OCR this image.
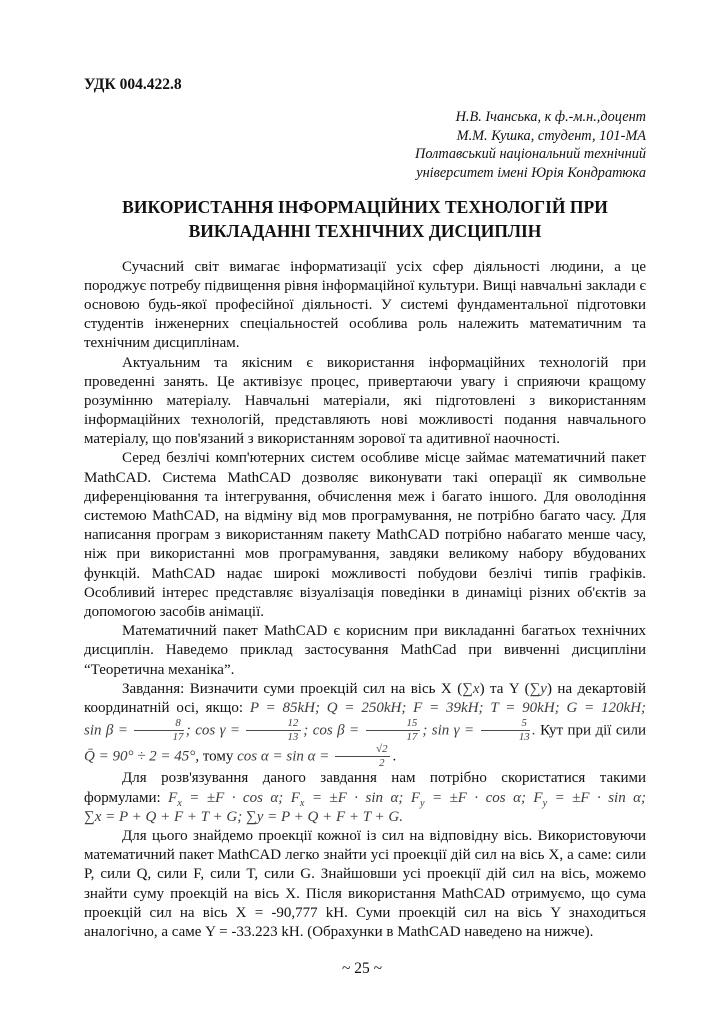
УДК 004.422.8
Н.В. Ічанська, к ф.-м.н.,доцент
М.М. Кушка, студент, 101-МА
Полтавський національний технічний
університет імені Юрія Кондратюка
ВИКОРИСТАННЯ ІНФОРМАЦІЙНИХ ТЕХНОЛОГІЙ ПРИ
ВИКЛАДАННІ ТЕХНІЧНИХ ДИСЦИПЛІН

Сучасний світ вимагає інформатизації усіх сфер діяльності людини, а це породжує потребу підвищення рівня інформаційної культури. Вищі навчальні заклади є основою будь-якої професійної діяльності. У системі фундаментальної підготовки студентів інженерних спеціальностей особлива роль належить математичним та технічним дисциплінам.

Актуальним та якісним є використання інформаційних технологій при проведенні занять. Це активізує процес, привертаючи увагу і сприяючи кращому розумінню матеріалу. Навчальні матеріали, які підготовлені з використанням інформаційних технологій, представляють нові можливості подання навчального матеріалу, що пов'язаний з використанням зорової та адитивної наочності.

Серед безлічі комп'ютерних систем особливе місце займає математичний пакет MathCAD. Система MathCAD дозволяє виконувати такі операції як символьне диференціювання та інтегрування, обчислення меж і багато іншого. Для оволодіння системою MathCAD, на відміну від мов програмування, не потрібно багато часу. Для написання програм з використанням пакету MathCAD потрібно набагато менше часу, ніж при використанні мов програмування, завдяки великому набору вбудованих функцій. MathCAD надає широкі можливості побудови безлічі типів графіків. Особливий інтерес представляє візуалізація поведінки в динаміці різних об'єктів за допомогою засобів анімації.

Математичний пакет MathCAD є корисним при викладанні багатьох технічних дисциплін. Наведемо приклад застосування MathCad при вивченні дисципліни “Теоретична механіка”.

Завдання: Визначити суми проекцій сил на вісь X (∑x) та Y (∑y) на декартовій координатній осі, якщо: P = 85kH; Q = 250kH; F = 39kH; T = 90kH; G = 120kH; $\sin \beta = \frac{8}{17}$ ; $\cos \gamma = \frac{12}{13}$ ; $\cos \beta = \frac{15}{17}$ ; $\sin \gamma = \frac{5}{13}$ . Кут при дії сили Q̄ = 90° ÷ 2 = 45°, тому $\cos \alpha = \sin \alpha = \frac{√2}{2}$ .

Для розв'язування даного завдання нам потрібно скористатися такими формулами: $F_x = \pm F \cdot \cos \alpha$; $F_x = \pm F \cdot \sin \alpha$; $F_y = \pm F \cdot \cos \alpha$; $F_y = \pm F \cdot \sin \alpha$; ∑x = P + Q + F + T + G; ∑y = P + Q + F + T + G.

Для цього знайдемо проекції кожної із сил на відповідну вісь. Використовуючи математичний пакет MathCAD легко знайти усі проекції дій сил на вісь X, а саме: сили P, сили Q, сили F, сили T, сили G. Знайшовши усі проекції дій сил на вісь, можемо знайти суму проекцій на вісь X. Після використання MathCAD отримуємо, що сума проекцій сил на вісь X = -90,777 kH. Суми проекцій сил на вісь Y знаходиться аналогічно, а саме Y = -33.223 kH. (Обрахунки в MathCAD наведено на нижче).

~ 25 ~
